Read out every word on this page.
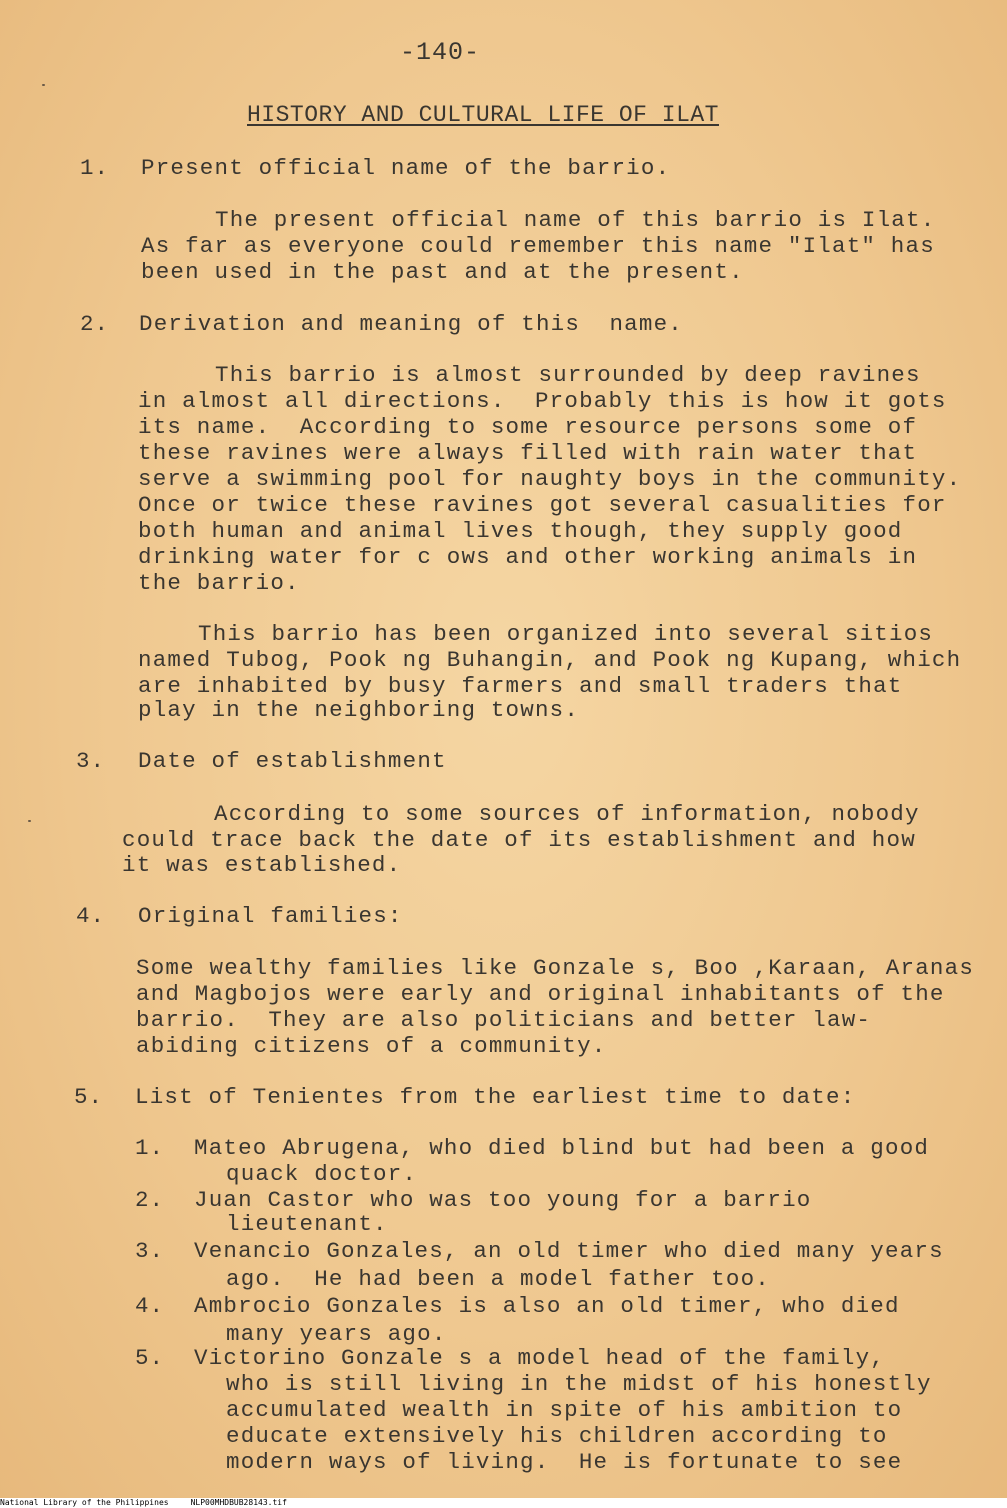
-140-
HISTORY AND CULTURAL LIFE OF ILAT
1. Present official name of the barrio.
The present official name of this barrio is Ilat.
As far as everyone could remember this name "Ilat" has
been used in the past and at the present.
2. Derivation and meaning of this  name.
This barrio is almost surrounded by deep ravines
in almost all directions.  Probably this is how it gots
its name.  According to some resource persons some of
these ravines were always filled with rain water that
serve a swimming pool for naughty boys in the community.
Once or twice these ravines got several casualities for
both human and animal lives though, they supply good
drinking water for c ows and other working animals in
the barrio.
This barrio has been organized into several sitios
named Tubog, Pook ng Buhangin, and Pook ng Kupang, which
are inhabited by busy farmers and small traders that
play in the neighboring towns.
3. Date of establishment
According to some sources of information, nobody
could trace back the date of its establishment and how
it was established.
4. Original families:
Some wealthy families like Gonzale s, Boo ,Karaan, Aranas
and Magbojos were early and original inhabitants of the
barrio.  They are also politicians and better law-
abiding citizens of a community.
5. List of Tenientes from the earliest time to date:
1. Mateo Abrugena, who died blind but had been a good
quack doctor.
2. Juan Castor who was too young for a barrio
lieutenant.
3. Venancio Gonzales, an old timer who died many years
ago.  He had been a model father too.
4. Ambrocio Gonzales is also an old timer, who died
many years ago.
5. Victorino Gonzale s a model head of the family,
who is still living in the midst of his honestly
accumulated wealth in spite of his ambition to
educate extensively his children according to
modern ways of living.  He is fortunate to see
National Library of the Philippines	NLP00MHDBUB28143.tif
